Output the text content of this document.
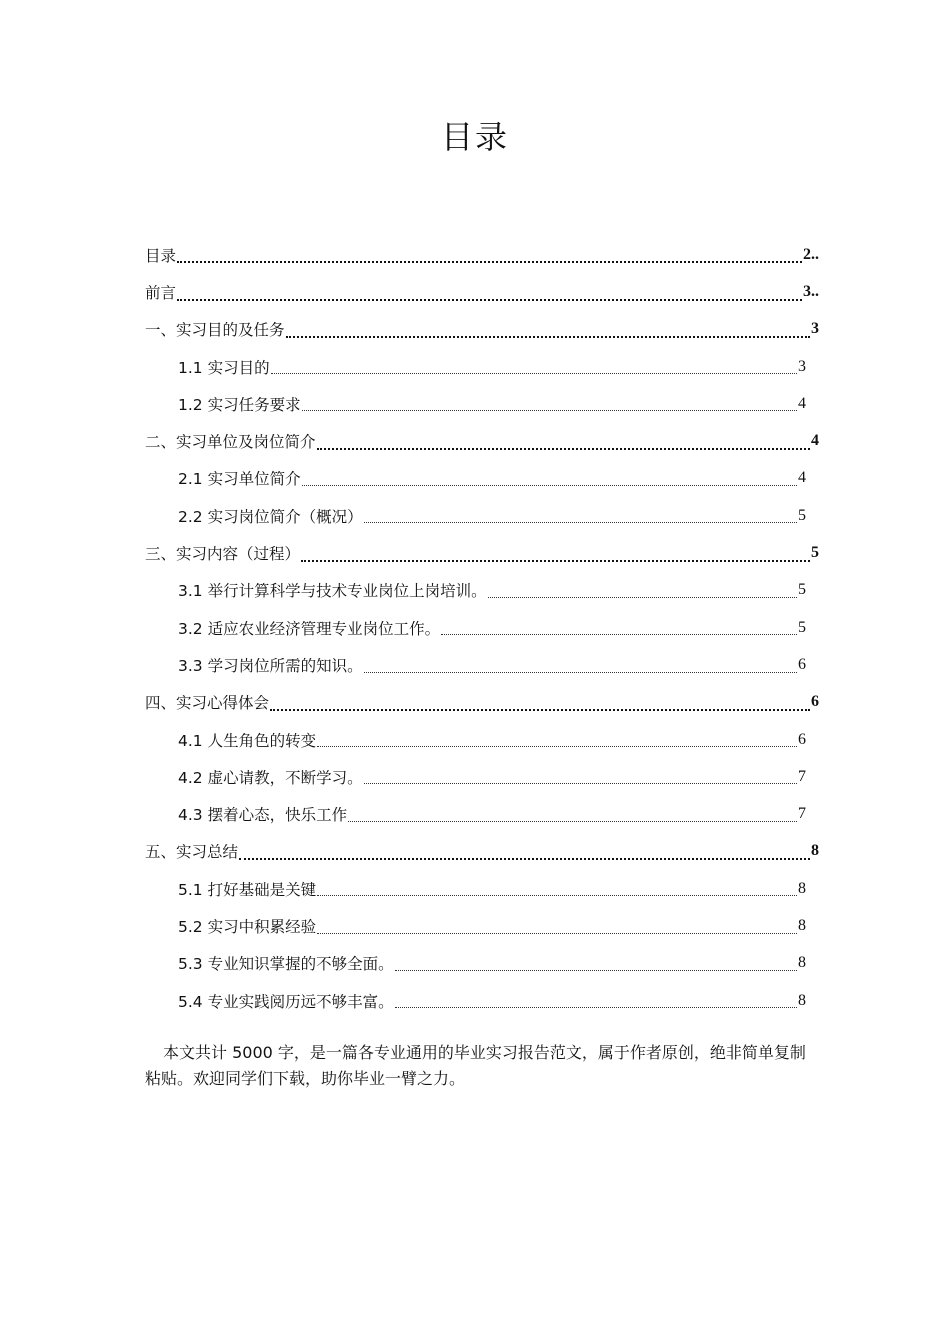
目录
目录	2..
前言	3..
一、实习目的及任务	3
1.1 实习目的	3
1.2 实习任务要求	4
二、实习单位及岗位简介	4
2.1 实习单位简介	4
2.2 实习岗位简介（概况）	5
三、实习内容（过程）	5
3.1 举行计算科学与技术专业岗位上岗培训。	5
3.2 适应农业经济管理专业岗位工作。	5
3.3 学习岗位所需的知识。	6
四、实习心得体会	6
4.1 人生角色的转变	6
4.2 虚心请教，不断学习。	7
4.3 摆着心态，快乐工作	7
五、实习总结	8
5.1 打好基础是关键	8
5.2 实习中积累经验	8
5.3 专业知识掌握的不够全面。	8
5.4 专业实践阅历远不够丰富。	8
本文共计 5000 字，是一篇各专业通用的毕业实习报告范文，属于作者原创，绝非简单复制粘贴。欢迎同学们下载，助你毕业一臂之力。
